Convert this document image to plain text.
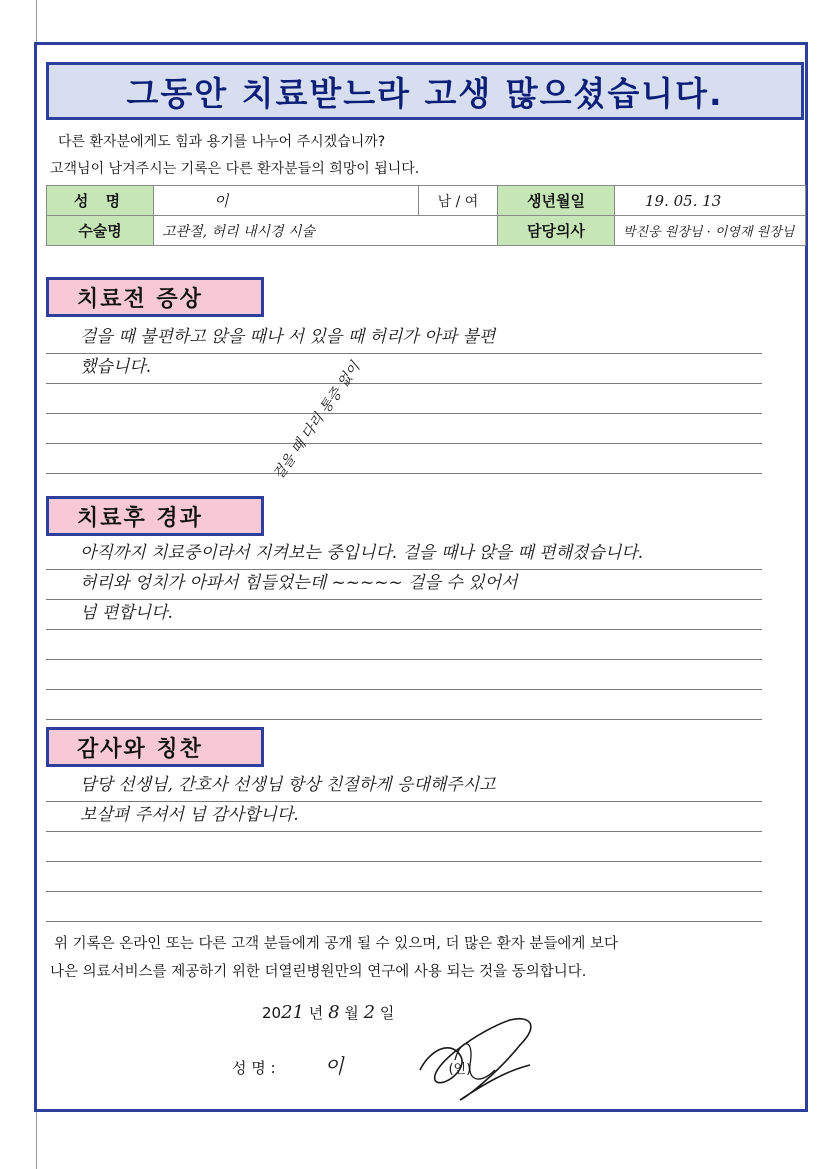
그동안 치료받느라 고생 많으셨습니다.
다른 환자분에게도 힘과 용기를 나누어 주시겠습니까?
고객님이 남겨주시는 기록은 다른 환자분들의 희망이 됩니다.
성 명	이	남 / 여	생년월일	19. 05. 13
수술명	고관절, 허리 내시경 시술		담당의사	박진웅 원장님 · 이영재 원장님
치료전 증상
걸을 때 불편하고 앉을 때나 서 있을 때 허리가 아파 불편
했습니다.
치료후 경과
걸을 때 다리 통증 없이
아직까지 치료중이라서 지켜보는 중입니다. 걸을 때나 앉을 때 편해졌습니다.
허리와 엉치가 아파서 힘들었는데 ~~~~~ 걸을 수 있어서
넘 편합니다.
감사와 칭찬
담당 선생님, 간호사 선생님 항상 친절하게 응대해주시고
보살펴 주셔서 넘 감사합니다.
위 기록은 온라인 또는 다른 고객 분들에게 공개 될 수 있으며, 더 많은 환자 분들에게 보다
나은 의료서비스를 제공하기 위한 더열린병원만의 연구에 사용 되는 것을 동의합니다.
2021 년 8 월 2 일
성 명 : 이	(인)
